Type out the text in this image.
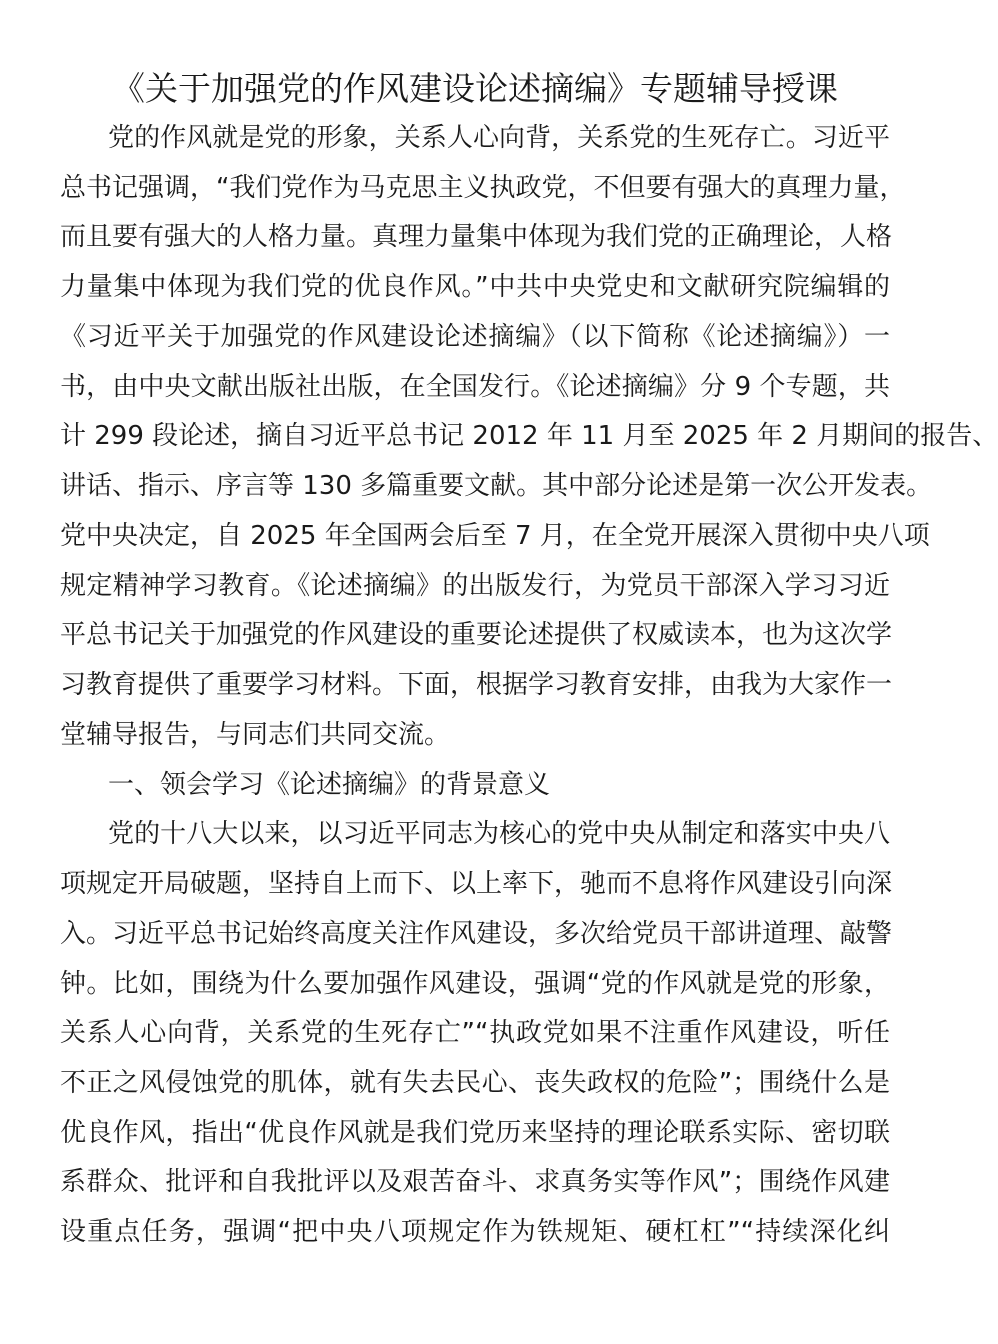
《关于加强党的作风建设论述摘编》专题辅导授课
党的作风就是党的形象，关系人心向背，关系党的生死存亡。习近平
总书记强调，“我们党作为马克思主义执政党，不但要有强大的真理力量，
而且要有强大的人格力量。真理力量集中体现为我们党的正确理论，人格
力量集中体现为我们党的优良作风。”中共中央党史和文献研究院编辑的
《习近平关于加强党的作风建设论述摘编》（以下简称《论述摘编》）一
书，由中央文献出版社出版，在全国发行。《论述摘编》分 9 个专题，共
计 299 段论述，摘自习近平总书记 2012 年 11 月至 2025 年 2 月期间的报告、
讲话、指示、序言等 130 多篇重要文献。其中部分论述是第一次公开发表。
党中央决定，自 2025 年全国两会后至 7 月，在全党开展深入贯彻中央八项
规定精神学习教育。《论述摘编》的出版发行，为党员干部深入学习习近
平总书记关于加强党的作风建设的重要论述提供了权威读本，也为这次学
习教育提供了重要学习材料。下面，根据学习教育安排，由我为大家作一
堂辅导报告，与同志们共同交流。
一、领会学习《论述摘编》的背景意义
党的十八大以来，以习近平同志为核心的党中央从制定和落实中央八
项规定开局破题，坚持自上而下、以上率下，驰而不息将作风建设引向深
入。习近平总书记始终高度关注作风建设，多次给党员干部讲道理、敲警
钟。比如，围绕为什么要加强作风建设，强调“党的作风就是党的形象，
关系人心向背，关系党的生死存亡”“执政党如果不注重作风建设，听任
不正之风侵蚀党的肌体，就有失去民心、丧失政权的危险”；围绕什么是
优良作风，指出“优良作风就是我们党历来坚持的理论联系实际、密切联
系群众、批评和自我批评以及艰苦奋斗、求真务实等作风”；围绕作风建
设重点任务，强调“把中央八项规定作为铁规矩、硬杠杠”“持续深化纠
